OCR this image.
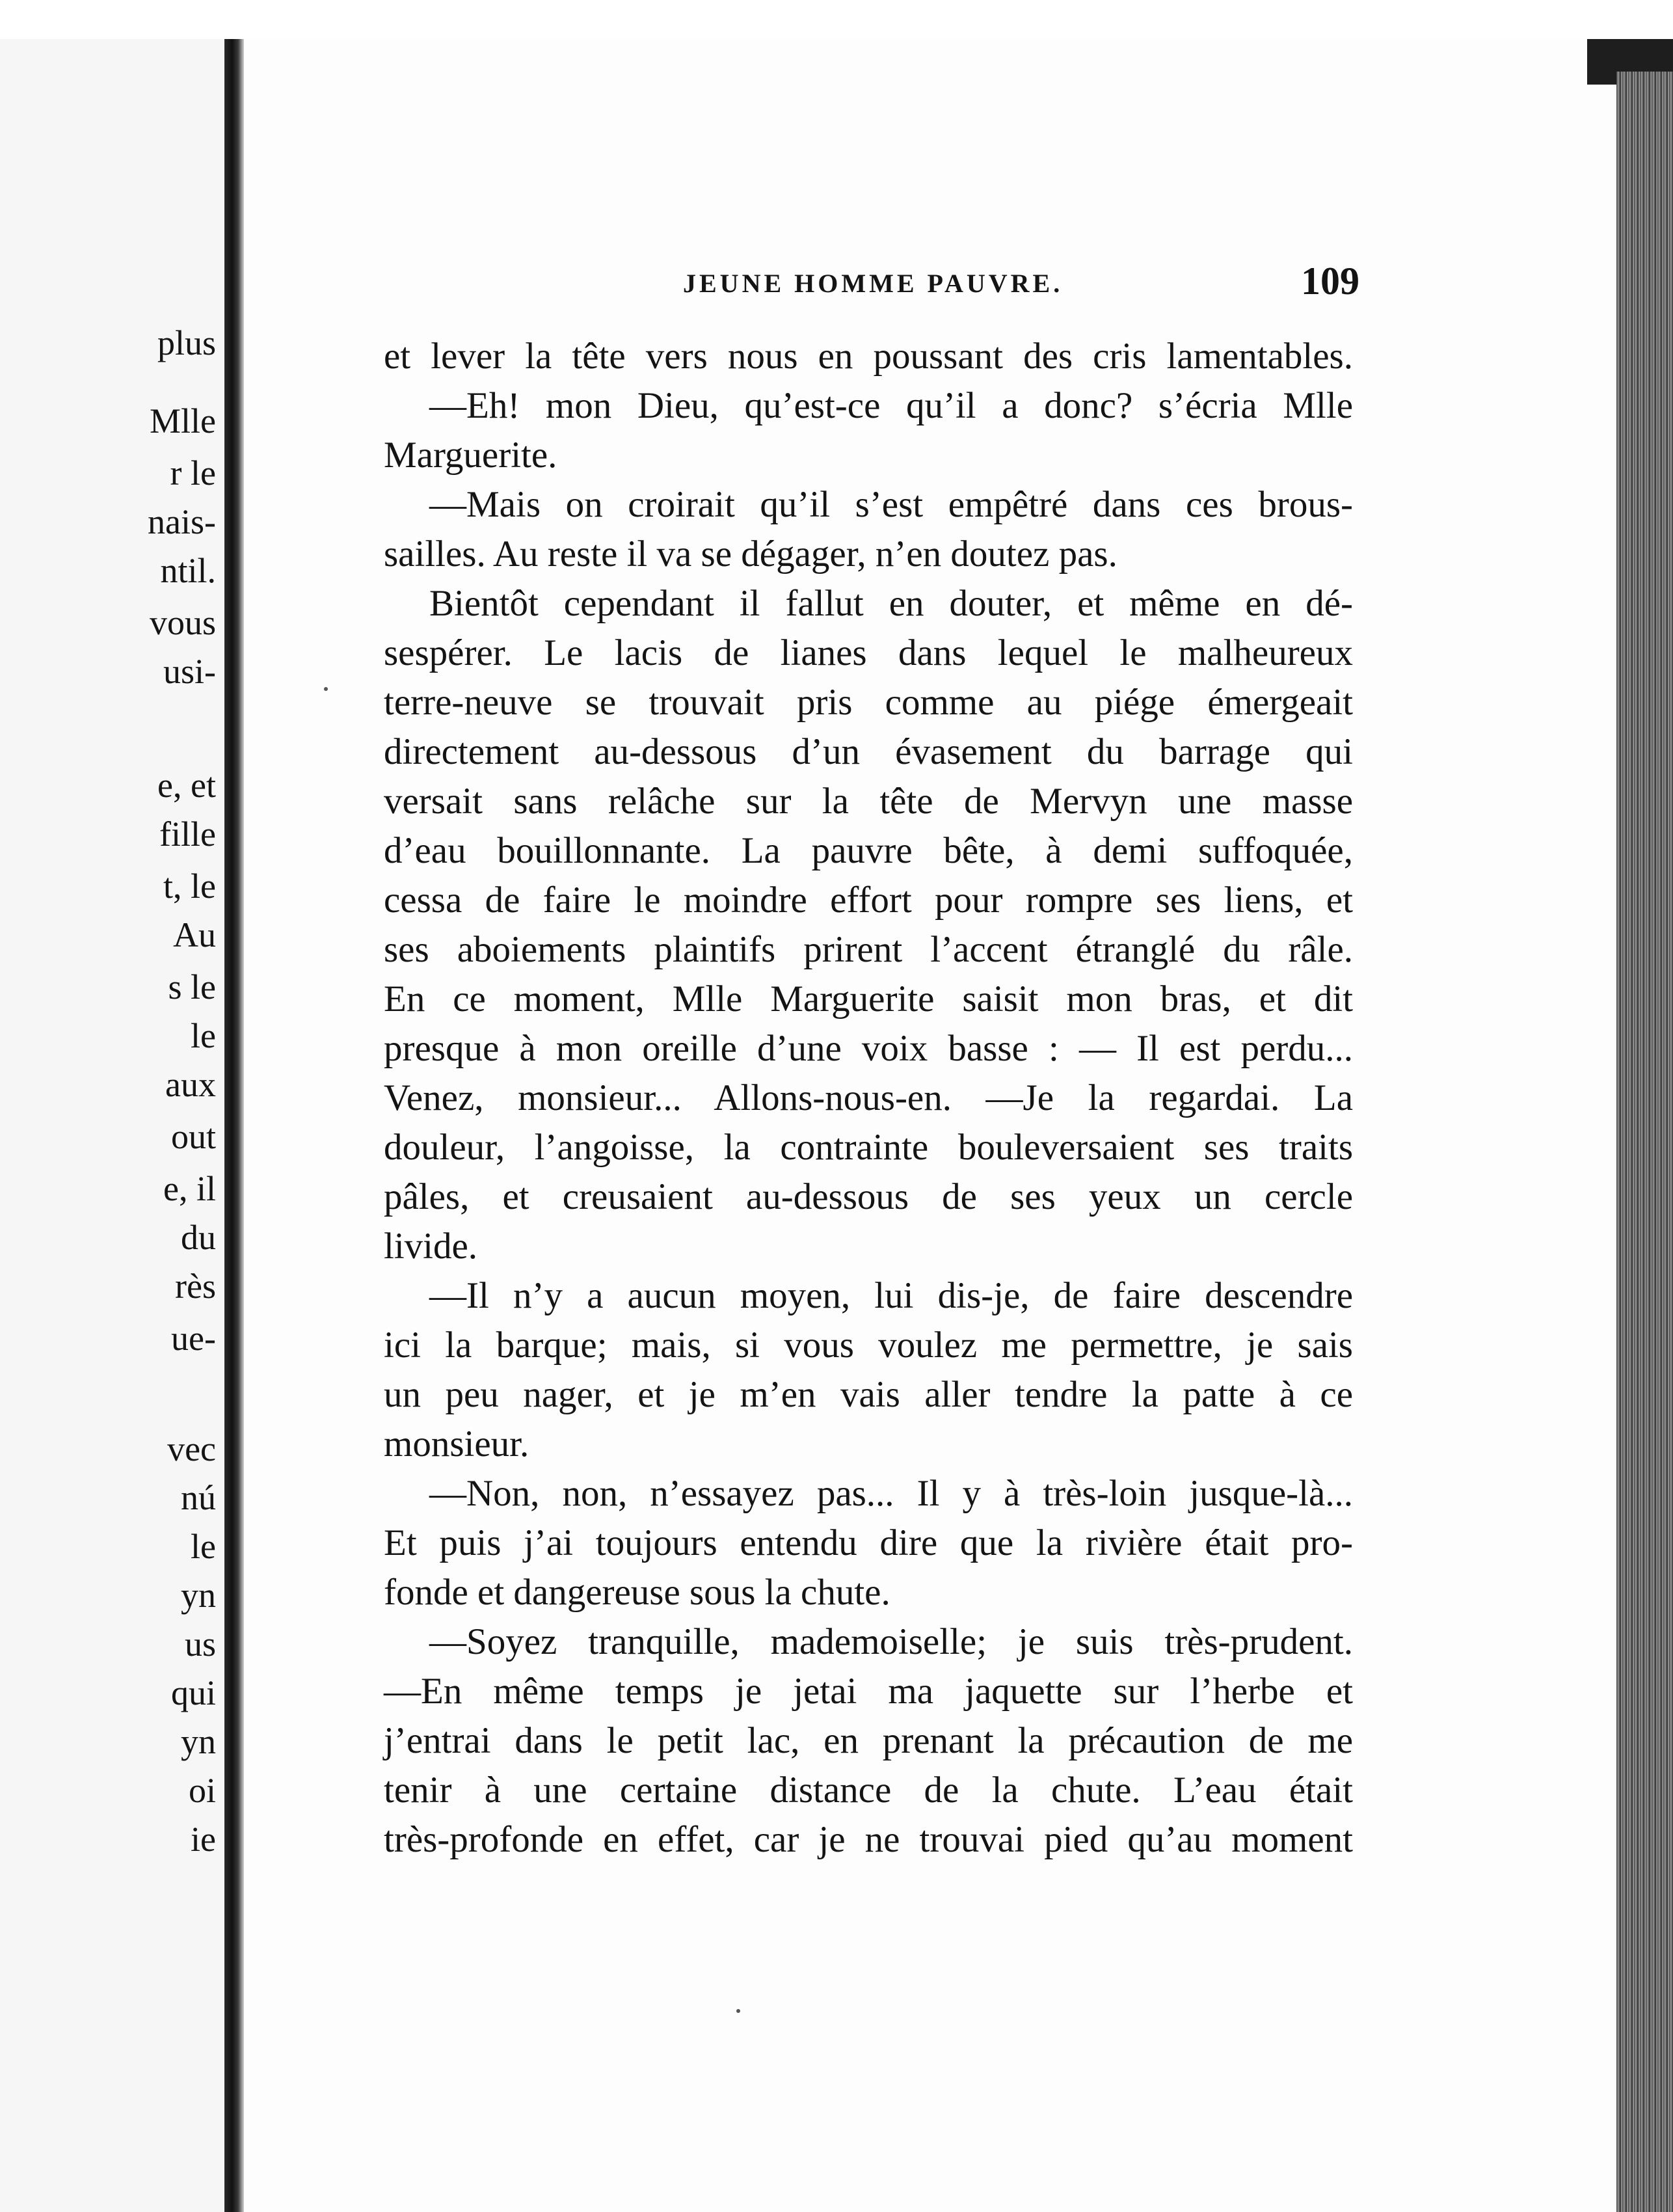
plus
Mlle
r le
nais-
ntil.
vous
usi-
e, et
fille
t, le
Au
s le
le
aux
out
e, il
du
rès
ue-
vec
nú
le
yn
us
qui
yn
oi
ie
JEUNE HOMME PAUVRE.	109
et lever la tête vers nous en poussant des cris lamentables.
—Eh! mon Dieu, qu’est-ce qu’il a donc? s’écria Mlle
Marguerite.
—Mais on croirait qu’il s’est empêtré dans ces brous-
sailles. Au reste il va se dégager, n’en doutez pas.
Bientôt cependant il fallut en douter, et même en dé-
sespérer. Le lacis de lianes dans lequel le malheureux
terre-neuve se trouvait pris comme au piége émergeait
directement au-dessous d’un évasement du barrage qui
versait sans relâche sur la tête de Mervyn une masse
d’eau bouillonnante. La pauvre bête, à demi suffoquée,
cessa de faire le moindre effort pour rompre ses liens, et
ses aboiements plaintifs prirent l’accent étranglé du râle.
En ce moment, Mlle Marguerite saisit mon bras, et dit
presque à mon oreille d’une voix basse : — Il est perdu...
Venez, monsieur... Allons-nous-en. —Je la regardai. La
douleur, l’angoisse, la contrainte bouleversaient ses traits
pâles, et creusaient au-dessous de ses yeux un cercle
livide.
—Il n’y a aucun moyen, lui dis-je, de faire descendre
ici la barque; mais, si vous voulez me permettre, je sais
un peu nager, et je m’en vais aller tendre la patte à ce
monsieur.
—Non, non, n’essayez pas... Il y à très-loin jusque-là...
Et puis j’ai toujours entendu dire que la rivière était pro-
fonde et dangereuse sous la chute.
—Soyez tranquille, mademoiselle; je suis très-prudent.
—En même temps je jetai ma jaquette sur l’herbe et
j’entrai dans le petit lac, en prenant la précaution de me
tenir à une certaine distance de la chute. L’eau était
très-profonde en effet, car je ne trouvai pied qu’au moment
